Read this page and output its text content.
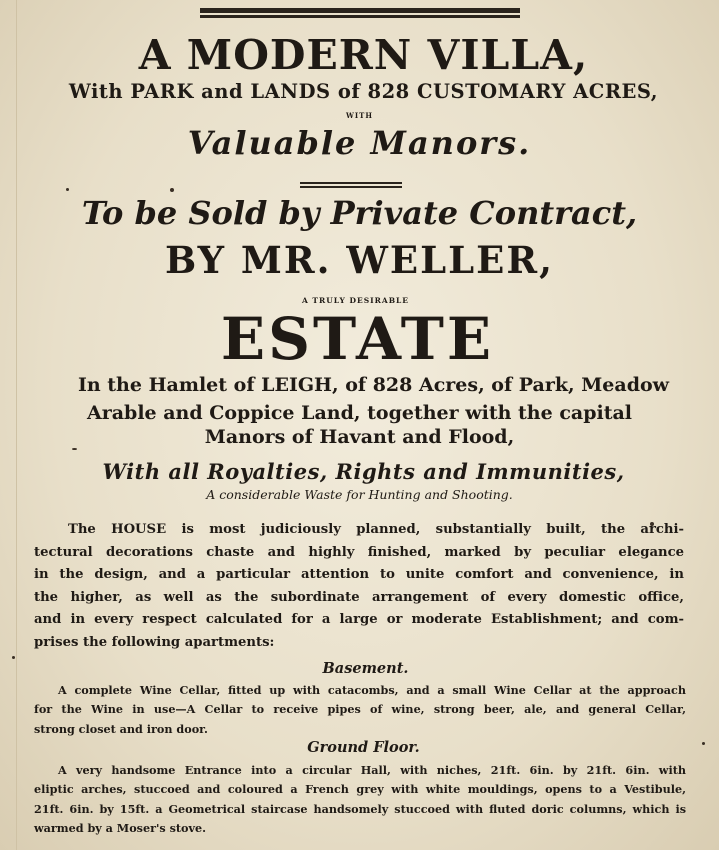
A MODERN VILLA,
With PARK and LANDS of 828 CUSTOMARY ACRES,
WITH
Valuable Manors.
To be Sold by Private Contract,
BY MR. WELLER,
A TRULY DESIRABLE
ESTATE
In the Hamlet of LEIGH, of 828 Acres, of Park, Meadow
Arable and Coppice Land, together with the capital
Manors of Havant and Flood,
With all Royalties, Rights and Immunities,
A considerable Waste for Hunting and Shooting.
The HOUSE is most judiciously planned, substantially built, the archi-
tectural decorations chaste and highly finished, marked by peculiar elegance
in the design, and a particular attention to unite comfort and convenience, in
the higher, as well as the subordinate arrangement of every domestic office,
and in every respect calculated for a large or moderate Establishment; and com-
prises the following apartments:
Basement.
A complete Wine Cellar, fitted up with catacombs, and a small Wine Cellar at the approach
for the Wine in use—A Cellar to receive pipes of wine, strong beer, ale, and general Cellar,
strong closet and iron door.
Ground Floor.
A very handsome Entrance into a circular Hall, with niches, 21ft. 6in. by 21ft. 6in. with
eliptic arches, stuccoed and coloured a French grey with white mouldings, opens to a Vestibule,
21ft. 6in. by 15ft. a Geometrical staircase handsomely stuccoed with fluted doric columns, which is
warmed by a Moser's stove.
